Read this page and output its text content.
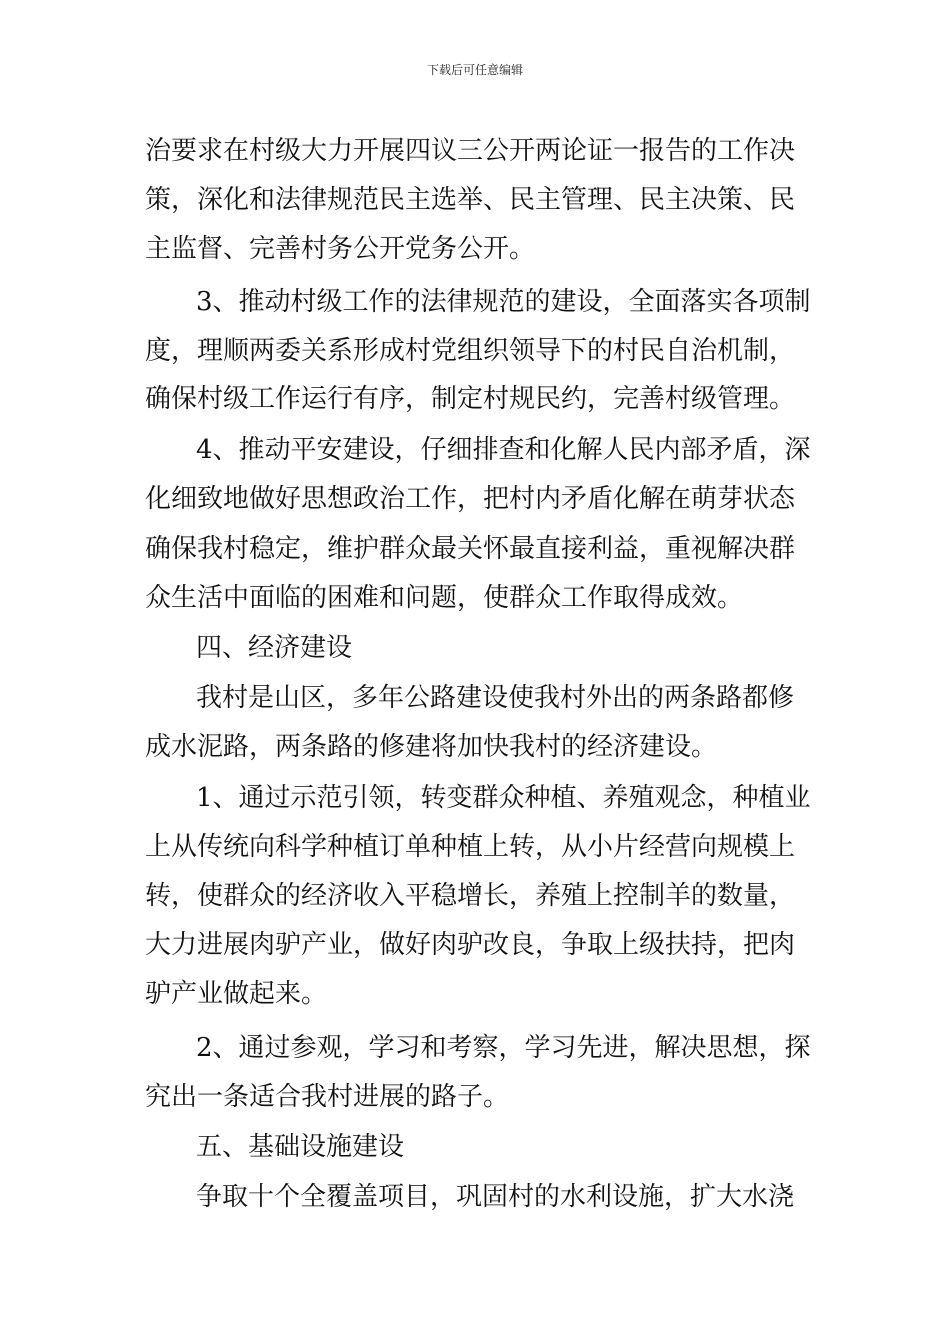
下载后可任意编辑
治要求在村级大力开展四议三公开两论证一报告的工作决
策，深化和法律规范民主选举、民主管理、民主决策、民
主监督、完善村务公开党务公开。
3、推动村级工作的法律规范的建设，全面落实各项制
度，理顺两委关系形成村党组织领导下的村民自治机制，
确保村级工作运行有序，制定村规民约，完善村级管理。
4、推动平安建设，仔细排查和化解人民内部矛盾，深
化细致地做好思想政治工作，把村内矛盾化解在萌芽状态
确保我村稳定，维护群众最关怀最直接利益，重视解决群
众生活中面临的困难和问题，使群众工作取得成效。
四、经济建设
我村是山区，多年公路建设使我村外出的两条路都修
成水泥路，两条路的修建将加快我村的经济建设。
1、通过示范引领，转变群众种植、养殖观念，种植业
上从传统向科学种植订单种植上转，从小片经营向规模上
转，使群众的经济收入平稳增长，养殖上控制羊的数量，
大力进展肉驴产业，做好肉驴改良，争取上级扶持，把肉
驴产业做起来。
2、通过参观，学习和考察，学习先进，解决思想，探
究出一条适合我村进展的路子。
五、基础设施建设
争取十个全覆盖项目，巩固村的水利设施，扩大水浇
